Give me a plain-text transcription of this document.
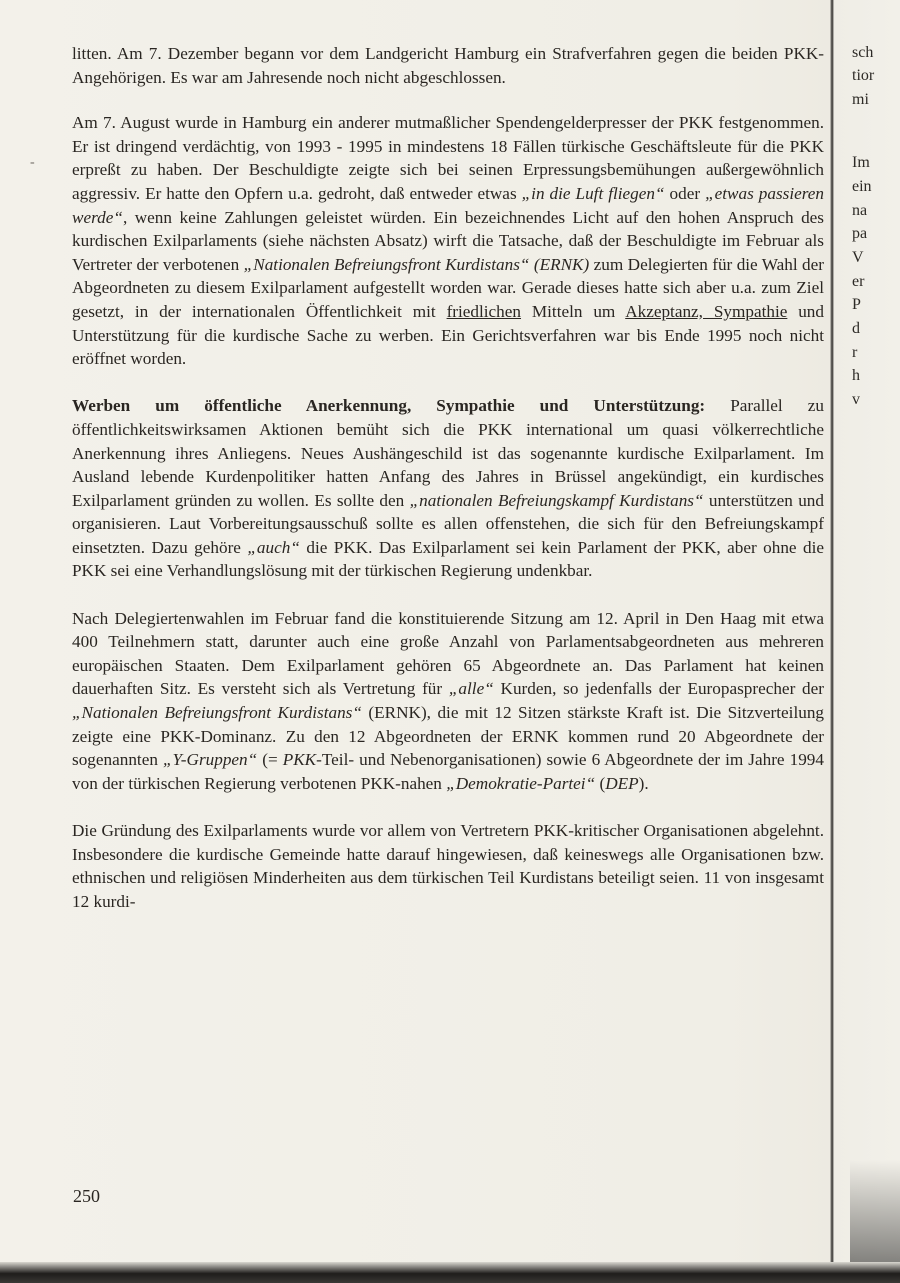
-

litten. Am 7. Dezember begann vor dem Landgericht Hamburg ein Strafverfahren gegen die beiden PKK-Angehörigen. Es war am Jahresende noch nicht abgeschlossen.

Am 7. August wurde in Hamburg ein anderer mutmaßlicher Spendengelderpresser der PKK festgenommen. Er ist dringend verdächtig, von 1993 - 1995 in mindestens 18 Fällen türkische Geschäftsleute für die PKK erpreßt zu haben. Der Beschuldigte zeigte sich bei seinen Erpressungsbemühungen außergewöhnlich aggressiv. Er hatte den Opfern u.a. gedroht, daß entweder etwas „in die Luft fliegen“ oder „etwas passieren werde“, wenn keine Zahlungen geleistet würden. Ein bezeichnendes Licht auf den hohen Anspruch des kurdischen Exilparlaments (siehe nächsten Absatz) wirft die Tatsache, daß der Beschuldigte im Februar als Vertreter der verbotenen „Nationalen Befreiungsfront Kurdistans“ (ERNK) zum Delegierten für die Wahl der Abgeordneten zu diesem Exilparlament aufgestellt worden war. Gerade dieses hatte sich aber u.a. zum Ziel gesetzt, in der internationalen Öffentlichkeit mit friedlichen Mitteln um Akzeptanz, Sympathie und Unterstützung für die kurdische Sache zu werben. Ein Gerichtsverfahren war bis Ende 1995 noch nicht eröffnet worden.

Werben um öffentliche Anerkennung, Sympathie und Unterstützung: Parallel zu öffentlichkeitswirksamen Aktionen bemüht sich die PKK international um quasi völkerrechtliche Anerkennung ihres Anliegens. Neues Aushängeschild ist das sogenannte kurdische Exilparlament. Im Ausland lebende Kurdenpolitiker hatten Anfang des Jahres in Brüssel angekündigt, ein kurdisches Exilparlament gründen zu wollen. Es sollte den „nationalen Befreiungskampf Kurdistans“ unterstützen und organisieren. Laut Vorbereitungsausschuß sollte es allen offenstehen, die sich für den Befreiungskampf einsetzten. Dazu gehöre „auch“ die PKK. Das Exilparlament sei kein Parlament der PKK, aber ohne die PKK sei eine Verhandlungslösung mit der türkischen Regierung undenkbar.

Nach Delegiertenwahlen im Februar fand die konstituierende Sitzung am 12. April in Den Haag mit etwa 400 Teilnehmern statt, darunter auch eine große Anzahl von Parlamentsabgeordneten aus mehreren europäischen Staaten. Dem Exilparlament gehören 65 Abgeordnete an. Das Parlament hat keinen dauerhaften Sitz. Es versteht sich als Vertretung für „alle“ Kurden, so jedenfalls der Europasprecher der „Nationalen Befreiungsfront Kurdistans“ (ERNK), die mit 12 Sitzen stärkste Kraft ist. Die Sitzverteilung zeigte eine PKK-Dominanz. Zu den 12 Abgeordneten der ERNK kommen rund 20 Abgeordnete der sogenannten „Y-Gruppen“ (= PKK-Teil- und Nebenorganisationen) sowie 6 Abgeordnete der im Jahre 1994 von der türkischen Regierung verbotenen PKK-nahen „Demokratie-Partei“ (DEP).

Die Gründung des Exilparlaments wurde vor allem von Vertretern PKK-kritischer Organisationen abgelehnt. Insbesondere die kurdische Gemeinde hatte darauf hingewiesen, daß keineswegs alle Organisationen bzw. ethnischen und religiösen Minderheiten aus dem türkischen Teil Kurdistans beteiligt seien. 11 von insgesamt 12 kurdi-

250
sch
tior
mi
Im
ein
na
pa
V
er
P
d
r
h
v
